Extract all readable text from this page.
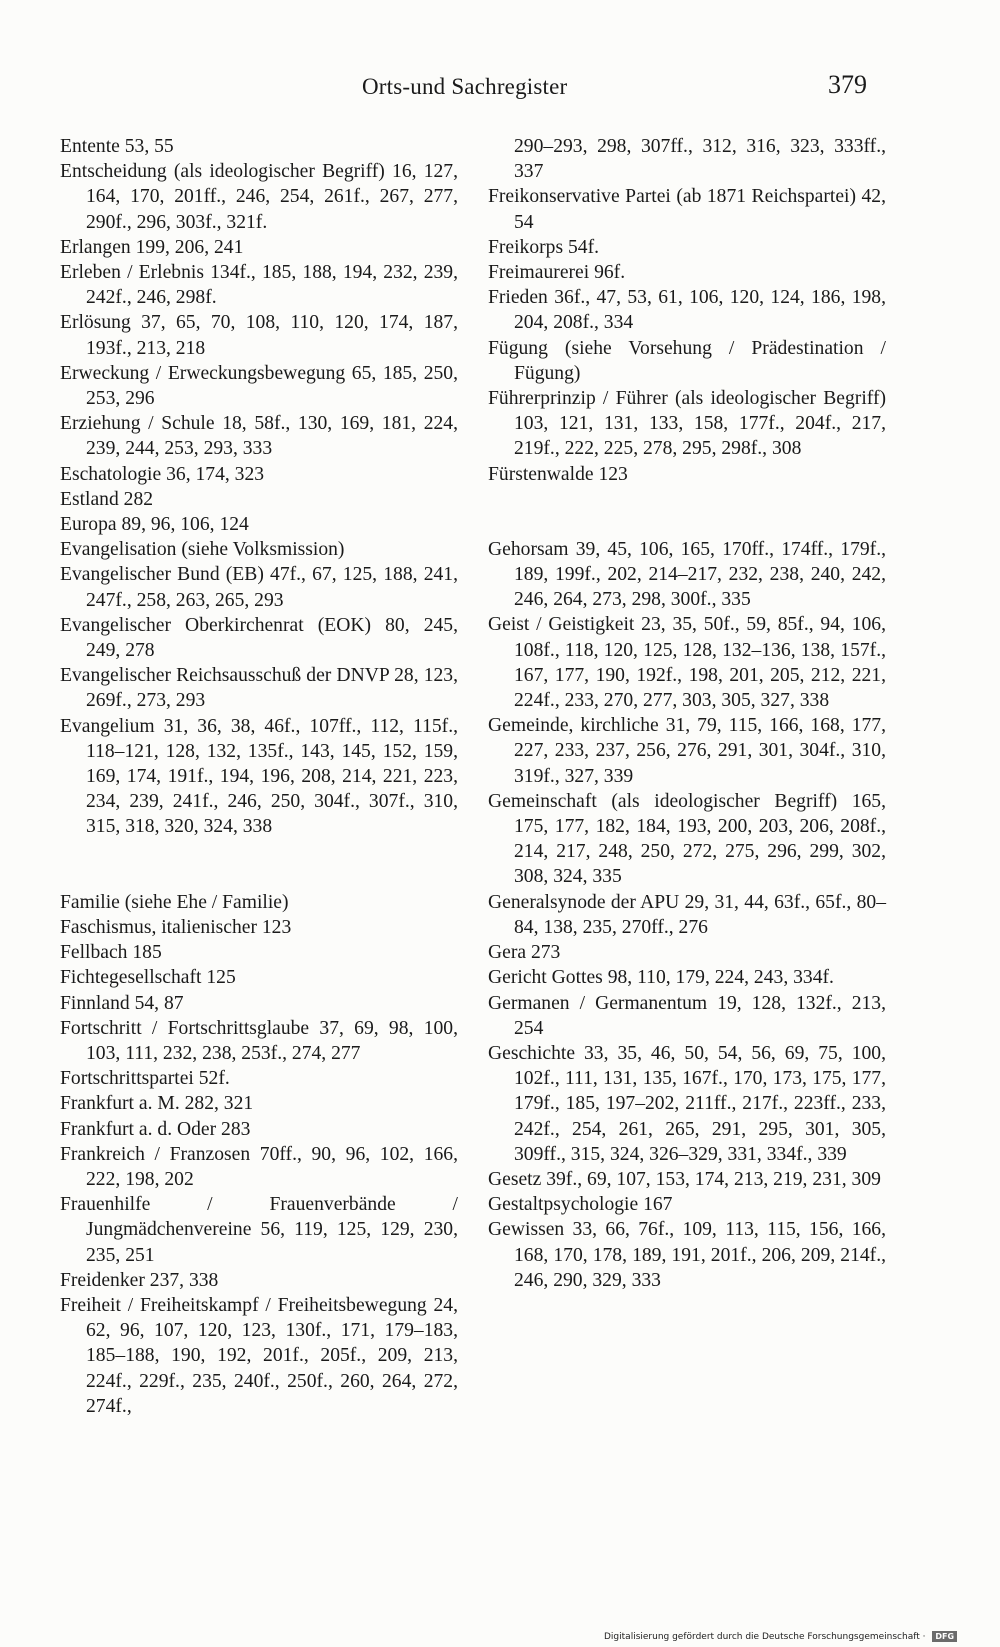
Orts-und Sachregister	379
Entente 53, 55
Entscheidung (als ideologischer Begriff) 16, 127, 164, 170, 201ff., 246, 254, 261f., 267, 277, 290f., 296, 303f., 321f.
Erlangen 199, 206, 241
Erleben / Erlebnis 134f., 185, 188, 194, 232, 239, 242f., 246, 298f.
Erlösung 37, 65, 70, 108, 110, 120, 174, 187, 193f., 213, 218
Erweckung / Erweckungsbewegung 65, 185, 250, 253, 296
Erziehung / Schule 18, 58f., 130, 169, 181, 224, 239, 244, 253, 293, 333
Eschatologie 36, 174, 323
Estland 282
Europa 89, 96, 106, 124
Evangelisation (siehe Volksmission)
Evangelischer Bund (EB) 47f., 67, 125, 188, 241, 247f., 258, 263, 265, 293
Evangelischer Oberkirchenrat (EOK) 80, 245, 249, 278
Evangelischer Reichsausschuß der DNVP 28, 123, 269f., 273, 293
Evangelium 31, 36, 38, 46f., 107ff., 112, 115f., 118–121, 128, 132, 135f., 143, 145, 152, 159, 169, 174, 191f., 194, 196, 208, 214, 221, 223, 234, 239, 241f., 246, 250, 304f., 307f., 310, 315, 318, 320, 324, 338
Familie (siehe Ehe / Familie)
Faschismus, italienischer 123
Fellbach 185
Fichtegesellschaft 125
Finnland 54, 87
Fortschritt / Fortschrittsglaube 37, 69, 98, 100, 103, 111, 232, 238, 253f., 274, 277
Fortschrittspartei 52f.
Frankfurt a. M. 282, 321
Frankfurt a. d. Oder 283
Frankreich / Franzosen 70ff., 90, 96, 102, 166, 222, 198, 202
Frauenhilfe / Frauenverbände / Jungmädchenvereine 56, 119, 125, 129, 230, 235, 251
Freidenker 237, 338
Freiheit / Freiheitskampf / Freiheitsbewegung 24, 62, 96, 107, 120, 123, 130f., 171, 179–183, 185–188, 190, 192, 201f., 205f., 209, 213, 224f., 229f., 235, 240f., 250f., 260, 264, 272, 274f.,
290–293, 298, 307ff., 312, 316, 323, 333ff., 337
Freikonservative Partei (ab 1871 Reichspartei) 42, 54
Freikorps 54f.
Freimaurerei 96f.
Frieden 36f., 47, 53, 61, 106, 120, 124, 186, 198, 204, 208f., 334
Fügung (siehe Vorsehung / Prädestination / Fügung)
Führerprinzip / Führer (als ideologischer Begriff) 103, 121, 131, 133, 158, 177f., 204f., 217, 219f., 222, 225, 278, 295, 298f., 308
Fürstenwalde 123
Gehorsam 39, 45, 106, 165, 170ff., 174ff., 179f., 189, 199f., 202, 214–217, 232, 238, 240, 242, 246, 264, 273, 298, 300f., 335
Geist / Geistigkeit 23, 35, 50f., 59, 85f., 94, 106, 108f., 118, 120, 125, 128, 132–136, 138, 157f., 167, 177, 190, 192f., 198, 201, 205, 212, 221, 224f., 233, 270, 277, 303, 305, 327, 338
Gemeinde, kirchliche 31, 79, 115, 166, 168, 177, 227, 233, 237, 256, 276, 291, 301, 304f., 310, 319f., 327, 339
Gemeinschaft (als ideologischer Begriff) 165, 175, 177, 182, 184, 193, 200, 203, 206, 208f., 214, 217, 248, 250, 272, 275, 296, 299, 302, 308, 324, 335
Generalsynode der APU 29, 31, 44, 63f., 65f., 80–84, 138, 235, 270ff., 276
Gera 273
Gericht Gottes 98, 110, 179, 224, 243, 334f.
Germanen / Germanentum 19, 128, 132f., 213, 254
Geschichte 33, 35, 46, 50, 54, 56, 69, 75, 100, 102f., 111, 131, 135, 167f., 170, 173, 175, 177, 179f., 185, 197–202, 211ff., 217f., 223ff., 233, 242f., 254, 261, 265, 291, 295, 301, 305, 309ff., 315, 324, 326–329, 331, 334f., 339
Gesetz 39f., 69, 107, 153, 174, 213, 219, 231, 309
Gestaltpsychologie 167
Gewissen 33, 66, 76f., 109, 113, 115, 156, 166, 168, 170, 178, 189, 191, 201f., 206, 209, 214f., 246, 290, 329, 333
Digitalisierung gefördert durch die Deutsche Forschungsgemeinschaft · DFG
